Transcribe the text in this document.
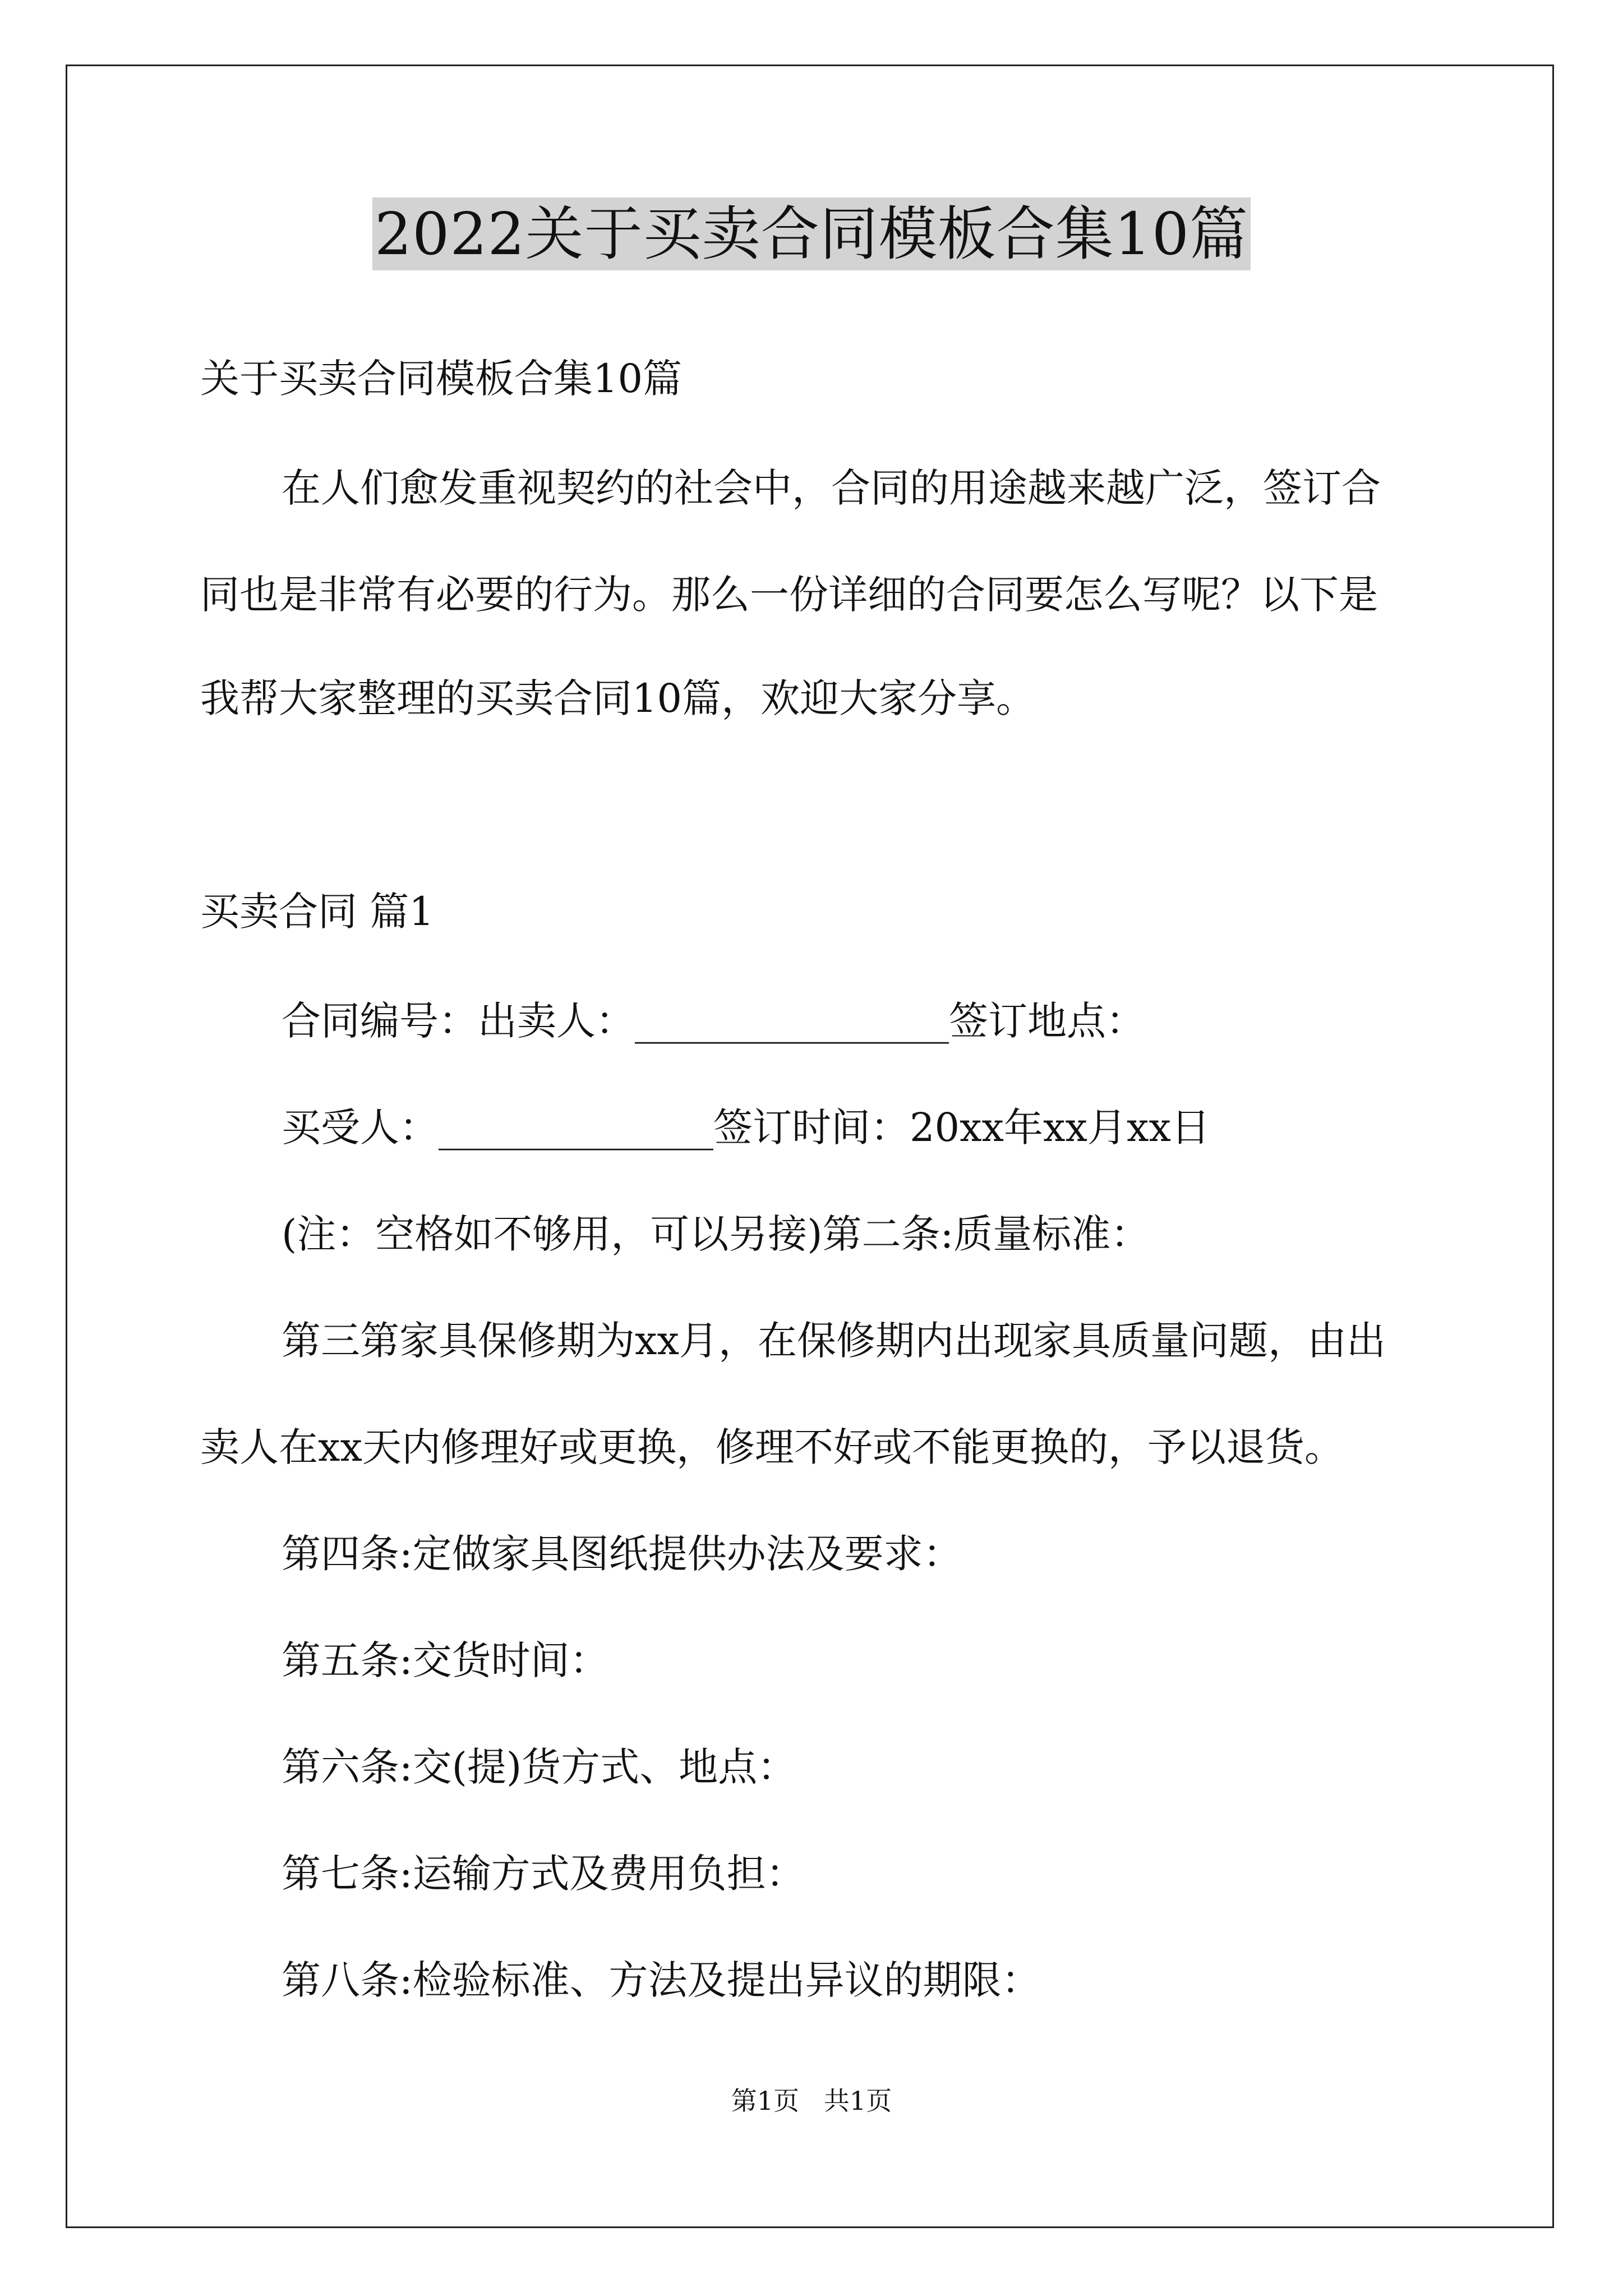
2022关于买卖合同模板合集10篇
关于买卖合同模板合集10篇
在人们愈发重视契约的社会中，合同的用途越来越广泛，签订合
同也是非常有必要的行为。那么一份详细的合同要怎么写呢？以下是
我帮大家整理的买卖合同10篇，欢迎大家分享。
买卖合同 篇1
合同编号：出卖人：________________签订地点：
买受人：______________签订时间：20xx年xx月xx日
(注：空格如不够用，可以另接)第二条:质量标准：
第三第家具保修期为xx月，在保修期内出现家具质量问题，由出
卖人在xx天内修理好或更换，修理不好或不能更换的，予以退货。
第四条:定做家具图纸提供办法及要求：
第五条:交货时间：
第六条:交(提)货方式、地点：
第七条:运输方式及费用负担：
第八条:检验标准、方法及提出异议的期限：
第1页   共1页
